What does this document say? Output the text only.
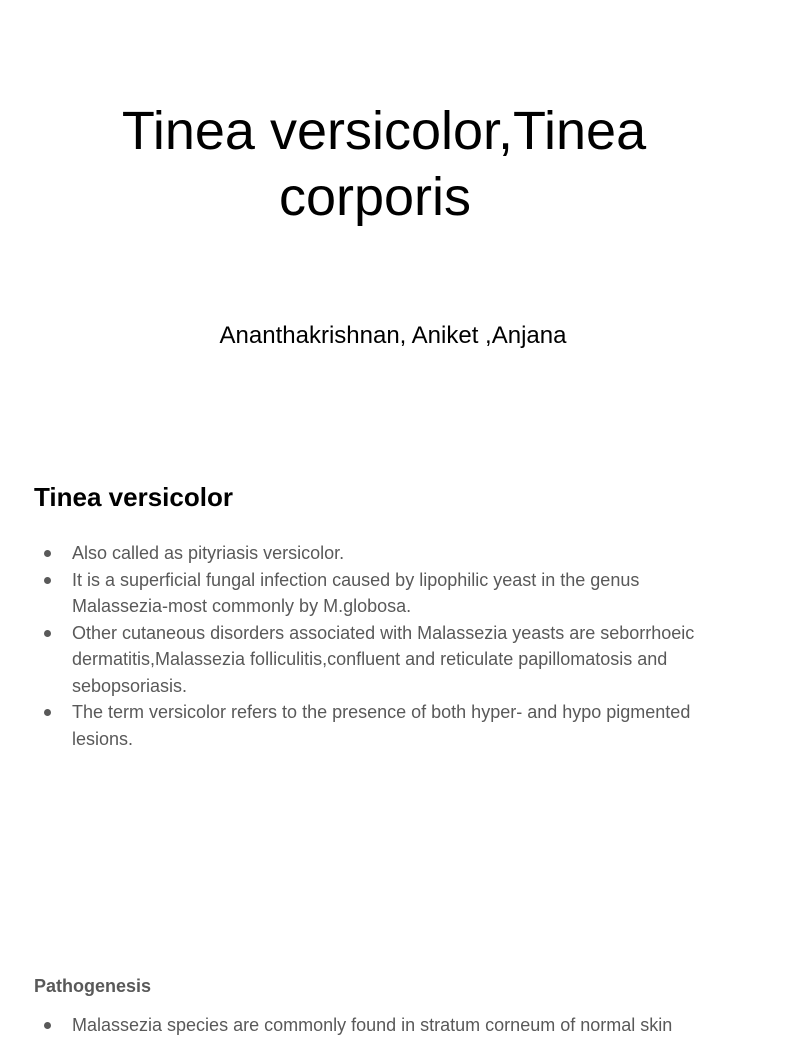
Tinea versicolor,Tinea
corporis

Ananthakrishnan, Aniket ,Anjana

Tinea versicolor
Also called as pityriasis versicolor.
It is a superficial fungal infection caused by lipophilic yeast in the genus Malassezia-most commonly by M.globosa.
Other cutaneous disorders associated with Malassezia yeasts are seborrhoeic dermatitis,Malassezia folliculitis,confluent and reticulate papillomatosis and sebopsoriasis.
The term versicolor refers to the presence of both hyper- and hypo pigmented lesions.
Pathogenesis
Malassezia species are commonly found in stratum corneum of normal skin
